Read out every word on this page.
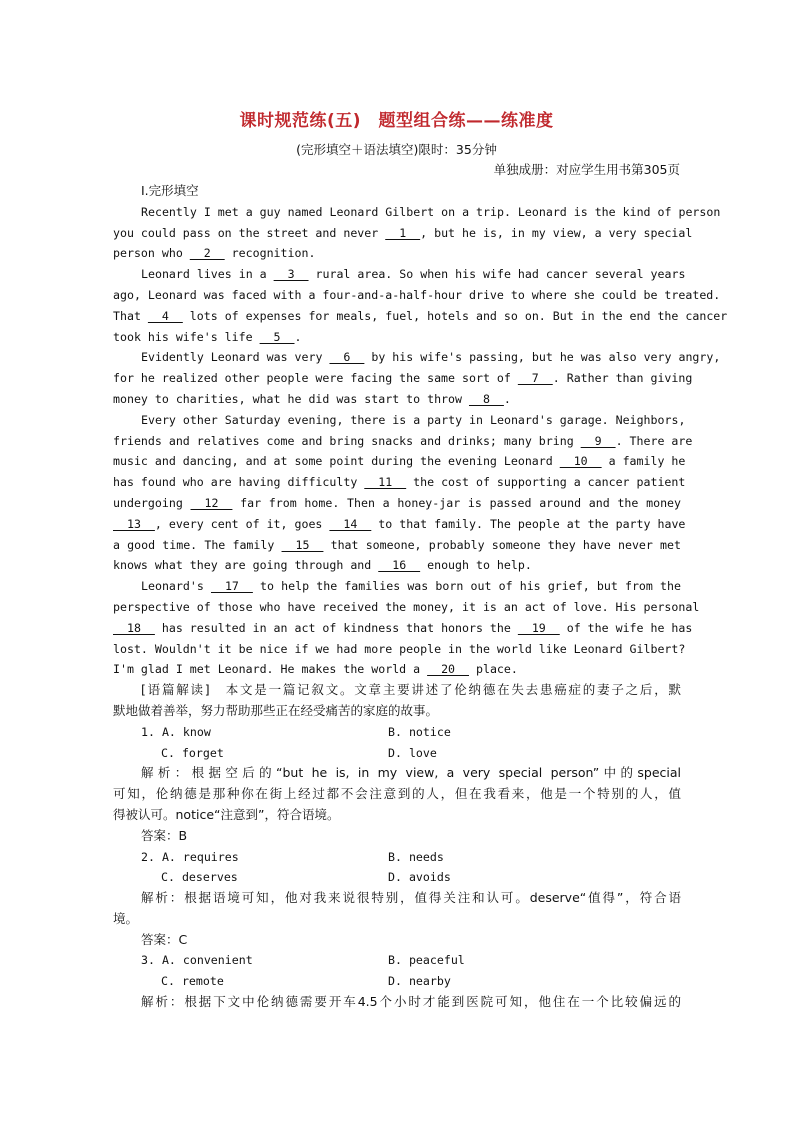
课时规范练(五)　题型组合练——练准度
(完形填空＋语法填空)限时：35分钟
单独成册：对应学生用书第305页
Ⅰ.完形填空
Recently I met a guy named Leonard Gilbert on a trip. Leonard is the kind of person
you could pass on the street and never   1  , but he is, in my view, a very special
person who   2   recognition.
Leonard lives in a   3   rural area. So when his wife had cancer several years
ago, Leonard was faced with a four-and-a-half-hour drive to where she could be treated.
That   4   lots of expenses for meals, fuel, hotels and so on. But in the end the cancer
took his wife's life   5  .
Evidently Leonard was very   6   by his wife's passing, but he was also very angry,
for he realized other people were facing the same sort of   7  . Rather than giving
money to charities, what he did was start to throw   8  .
Every other Saturday evening, there is a party in Leonard's garage. Neighbors,
friends and relatives come and bring snacks and drinks; many bring   9  . There are
music and dancing, and at some point during the evening Leonard   10   a family he
has found who are having difficulty   11   the cost of supporting a cancer patient
undergoing   12   far from home. Then a honey-jar is passed around and the money
13  , every cent of it, goes   14   to that family. The people at the party have
a good time. The family   15   that someone, probably someone they have never met
knows what they are going through and   16   enough to help.
Leonard's   17   to help the families was born out of his grief, but from the
perspective of those who have received the money, it is an act of love. His personal
18   has resulted in an act of kindness that honors the   19   of the wife he has
lost. Wouldn't it be nice if we had more people in the world like Leonard Gilbert?
I'm glad I met Leonard. He makes the world a   20   place.
[语篇解读]　本文是一篇记叙文。文章主要讲述了伦纳德在失去患癌症的妻子之后，默
默地做着善举，努力帮助那些正在经受痛苦的家庭的故事。
1. A. know	B. notice
C. forget	D. love
解析：根据空后的“but he is, in my view, a very special person”中的special
可知，伦纳德是那种你在街上经过都不会注意到的人，但在我看来，他是一个特别的人，值
得被认可。notice“注意到”，符合语境。
答案：B
2. A. requires	B. needs
C. deserves	D. avoids
解析：根据语境可知，他对我来说很特别，值得关注和认可。deserve“值得”，符合语
境。
答案：C
3. A. convenient	B. peaceful
C. remote	D. nearby
解析：根据下文中伦纳德需要开车4.5个小时才能到医院可知，他住在一个比较偏远的
